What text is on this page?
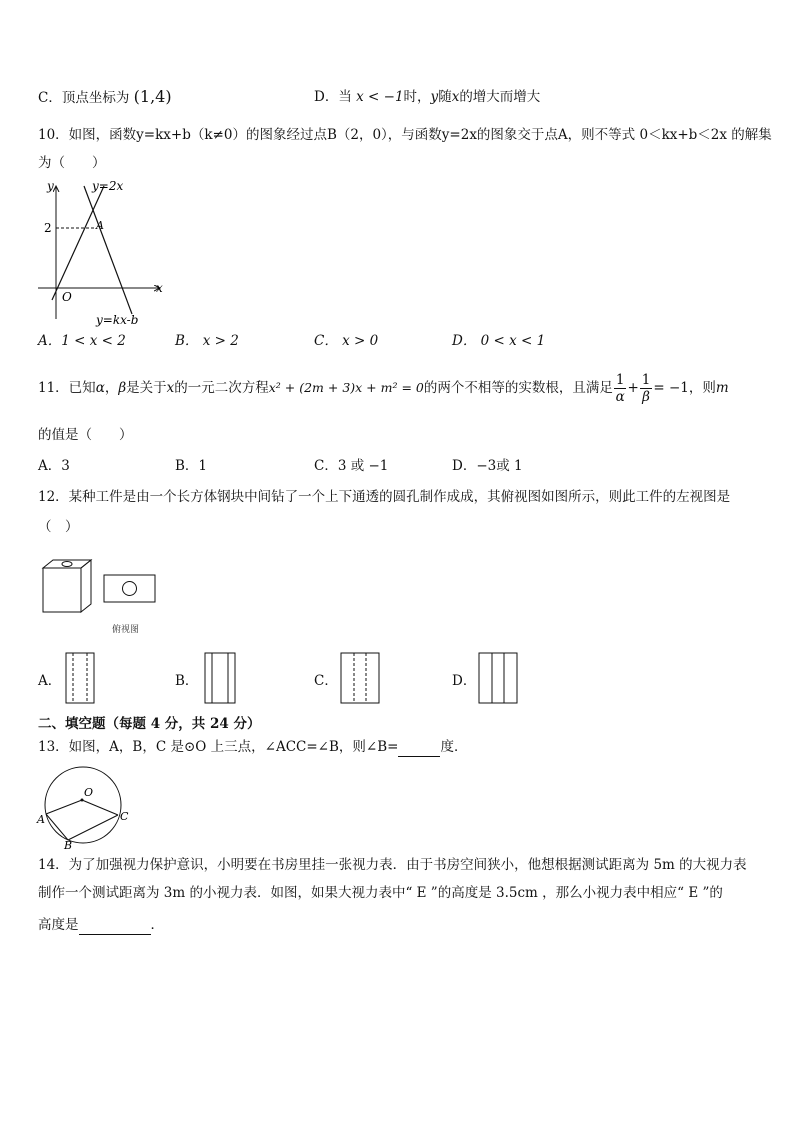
C．顶点坐标为 (1,4)	D．当 x < −1时，y随x的增大而增大
10．如图，函数y=kx+b（k≠0）的图象经过点B（2，0），与函数y=2x的图象交于点A，则不等式 0＜kx+b＜2x 的解集
为（　　）
y
x
O
2	A
y=2x
y=kx-b
A．1 < x < 2	B． x > 2	C． x > 0	D． 0 < x < 1
11．已知α，β是关于x的一元二次方程x² + (2m + 3)x + m² = 0的两个不相等的实数根，且满足 $\frac{1}{\alpha} + \frac{1}{\beta} = -1$，则m
的值是（　　）
A．3	B．1	C．3 或 −1	D．−3或 1
12．某种工件是由一个长方体钢块中间钻了一个上下通透的圆孔制作成成，其俯视图如图所示，则此工件的左视图是
（　）
俯视图
A．	B．	C．	D．
二、填空题（每题 4 分，共 24 分）
13．如图，A，B，C 是⊙O 上三点，∠ACC=∠B，则∠B=	度．
O
A
B
C
14．为了加强视力保护意识，小明要在书房里挂一张视力表．由于书房空间狭小，他想根据测试距离为 5m 的大视力表
制作一个测试距离为 3m 的小视力表．如图，如果大视力表中“ E ”的高度是 3.5cm ，那么小视力表中相应“ E ”的
高度是	．
